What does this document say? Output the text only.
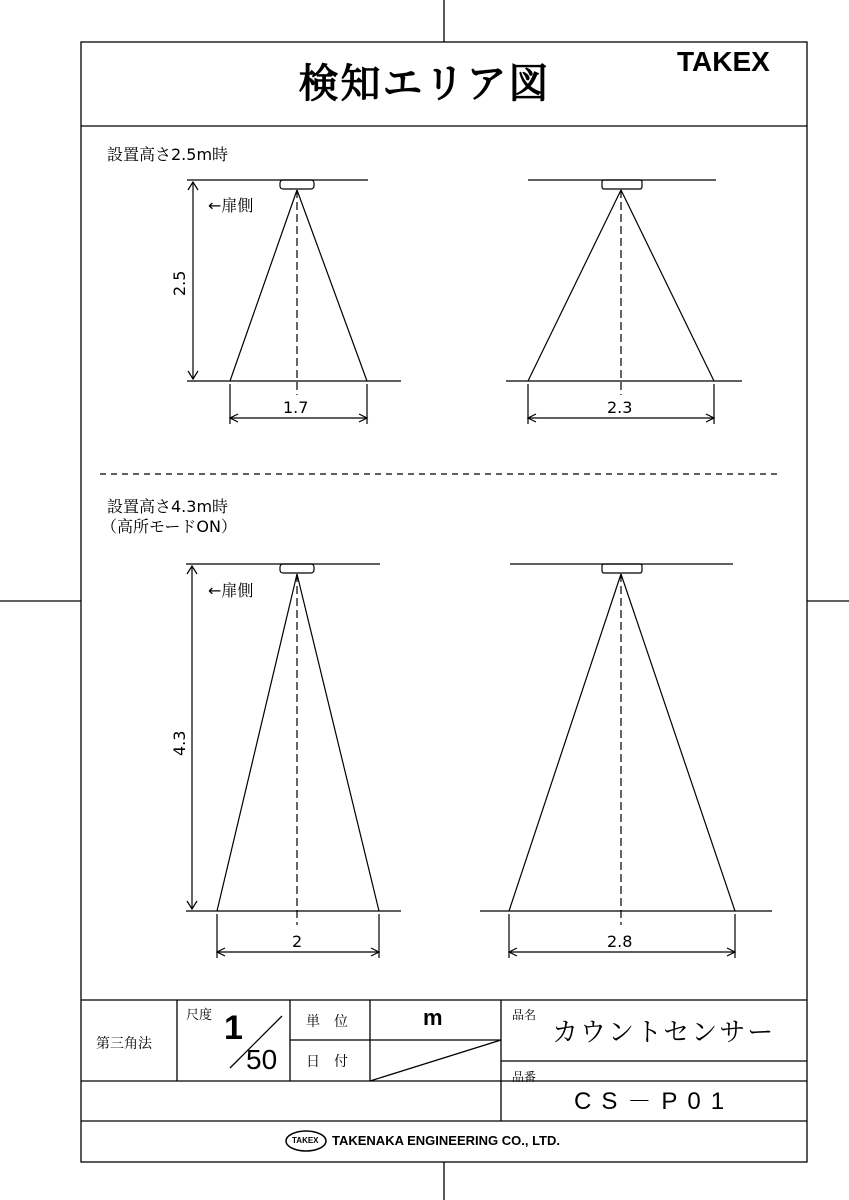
検知エリア図	TAKEX
設置高さ2.5m時
←扉側
2.5
1.7	2.3
設置高さ4.3m時
（高所モードON）
←扉側
4.3
2	2.8
第三角法
尺度 1
50
単　位	m
日　付
品名
カウントセンサー
品番
CS－P01
TAKEX TAKENAKA ENGINEERING CO., LTD.
